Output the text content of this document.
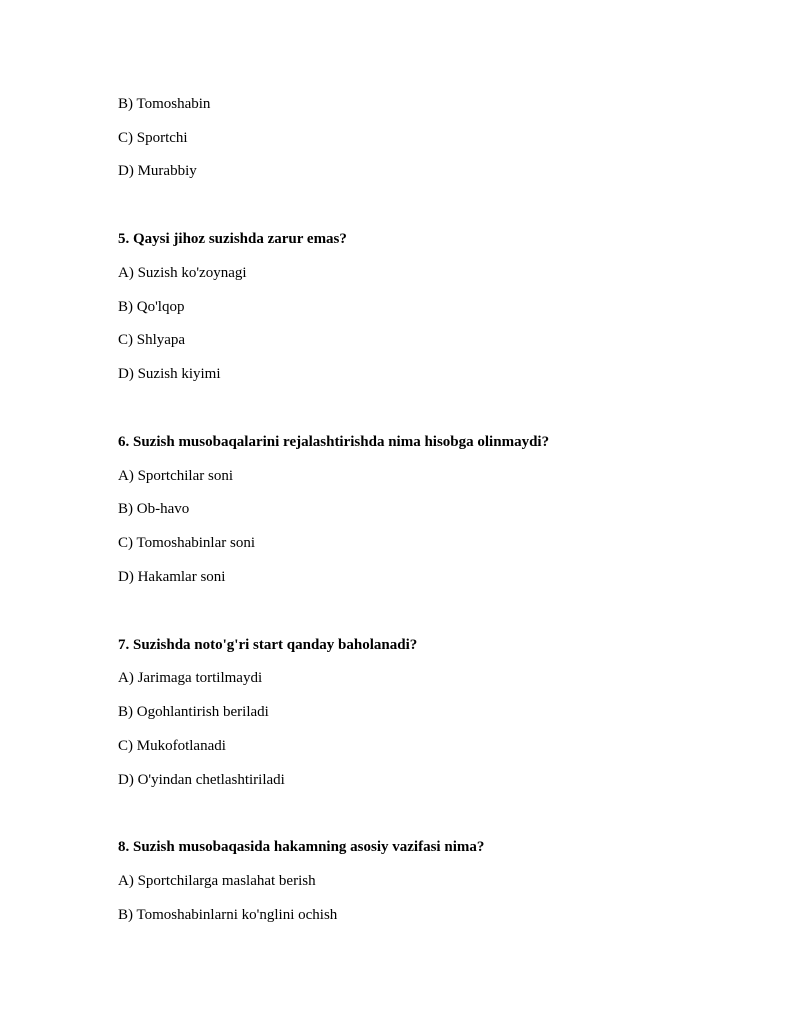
B) Tomoshabin
C) Sportchi
D) Murabbiy
5. Qaysi jihoz suzishda zarur emas?
A) Suzish ko'zoynagi
B) Qo'lqop
C) Shlyapa
D) Suzish kiyimi
6. Suzish musobaqalarini rejalashtirishda nima hisobga olinmaydi?
A) Sportchilar soni
B) Ob-havo
C) Tomoshabinlar soni
D) Hakamlar soni
7. Suzishda noto'g'ri start qanday baholanadi?
A) Jarimaga tortilmaydi
B) Ogohlantirish beriladi
C) Mukofotlanadi
D) O'yindan chetlashtiriladi
8. Suzish musobaqasida hakamning asosiy vazifasi nima?
A) Sportchilarga maslahat berish
B) Tomoshabinlarni ko'nglini ochish
